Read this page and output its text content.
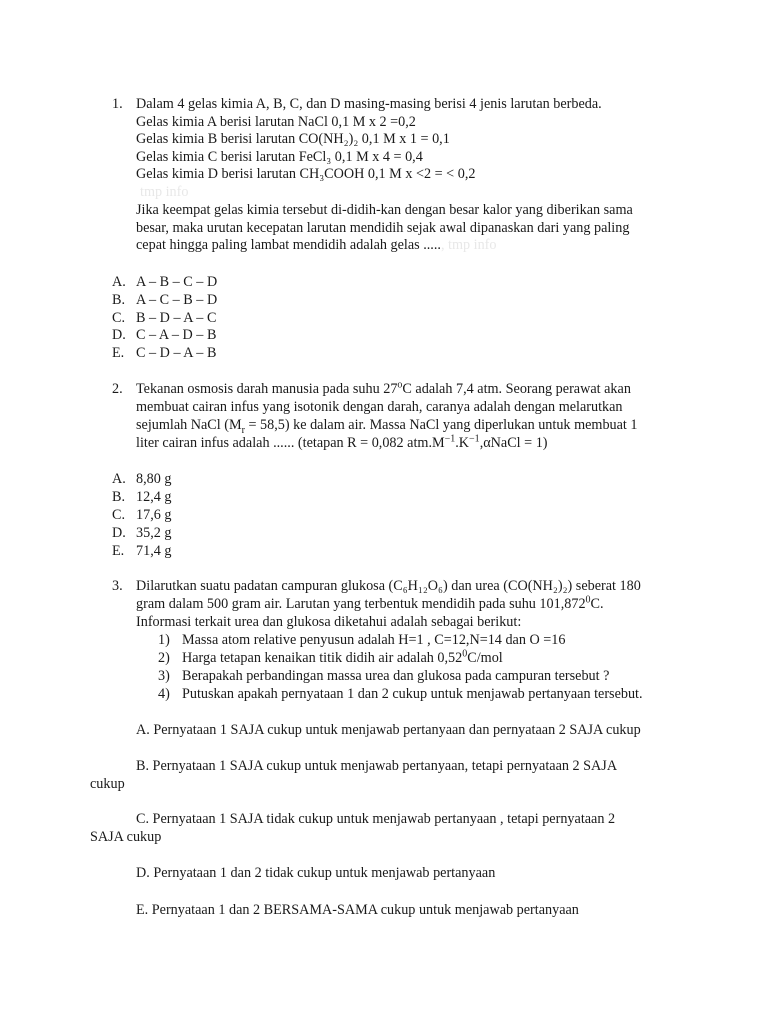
1. Dalam 4 gelas kimia A, B, C, dan D masing-masing berisi 4 jenis larutan berbeda.
Gelas kimia A berisi larutan NaCl 0,1 M x 2 =0,2
Gelas kimia B berisi larutan CO(NH₂)₂ 0,1 M x 1 = 0,1
Gelas kimia C berisi larutan FeCl₃ 0,1 M x 4 = 0,4
Gelas kimia D berisi larutan CH₃COOH 0,1 M x <2 = < 0,2
tmp info
Jika keempat gelas kimia tersebut di-didih-kan dengan besar kalor yang diberikan sama
besar, maka urutan kecepatan larutan mendidih sejak awal dipanaskan dari yang paling
cepat hingga paling lambat mendidih adalah gelas ....., tmp info
A. A – B – C – D
B. A – C – B – D
C. B – D – A – C
D. C – A – D – B
E. C – D – A – B
2. Tekanan osmosis darah manusia pada suhu 27$^o$C adalah 7,4 atm. Seorang perawat akan
membuat cairan infus yang isotonik dengan darah, caranya adalah dengan melarutkan
sejumlah NaCl $(M_r = 58,5)$ ke dalam air. Massa NaCl yang diperlukan untuk membuat 1
liter cairan infus adalah ...... (tetapan R = 0,082 $atm.M^{-1}.K^{-1},\alpha NaCl = 1$)
A. 8,80 g
B. 12,4 g
C. 17,6 g
D. 35,2 g
E. 71,4 g
3. Dilarutkan suatu padatan campuran glukosa (C₆H₁₂O₆) dan urea (CO(NH₂)₂) seberat 180
gram dalam 500 gram air. Larutan yang terbentuk mendidih pada suhu 101,872$^0$C.
Informasi terkait urea dan glukosa diketahui adalah sebagai berikut:
1) Massa atom relative penyusun adalah H=1 , C=12,N=14 dan O =16
2) Harga tetapan kenaikan titik didih air adalah 0,52$^0$C/mol
3) Berapakah perbandingan massa urea dan glukosa pada campuran tersebut ?
4) Putuskan apakah pernyataan 1 dan 2 cukup untuk menjawab pertanyaan tersebut.
A. Pernyataan 1 SAJA cukup untuk menjawab pertanyaan dan pernyataan 2 SAJA cukup
B. Pernyataan 1 SAJA cukup untuk menjawab pertanyaan, tetapi pernyataan 2 SAJA
cukup
C. Pernyataan 1 SAJA tidak cukup untuk menjawab pertanyaan , tetapi pernyataan 2
SAJA cukup
D. Pernyataan 1 dan 2 tidak cukup untuk menjawab pertanyaan
E. Pernyataan 1 dan 2 BERSAMA-SAMA cukup untuk menjawab pertanyaan
